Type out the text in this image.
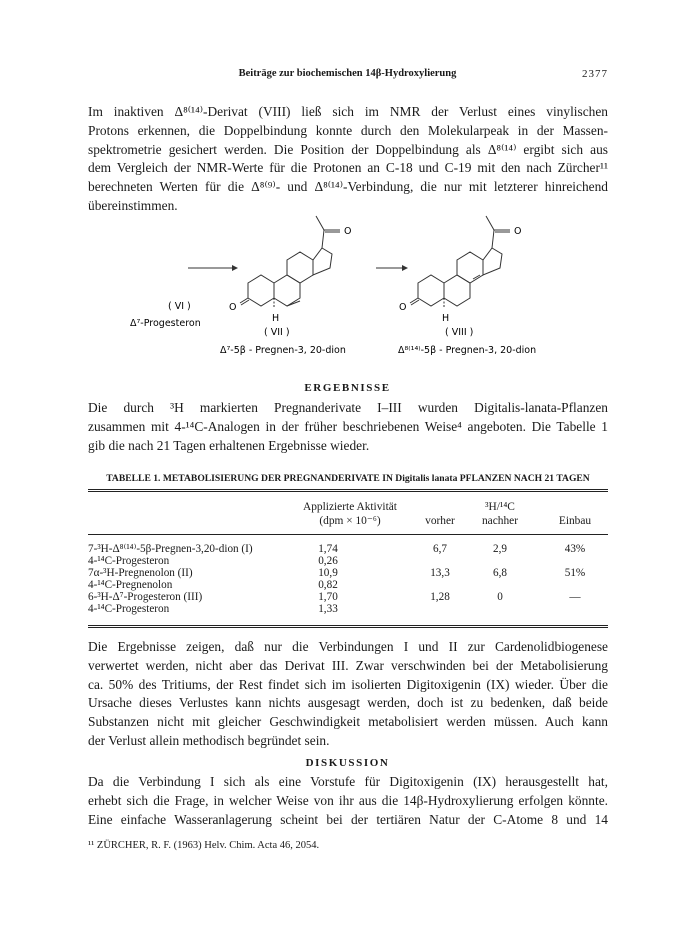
Beiträge zur biochemischen 14β-Hydroxylierung	2377
Im inaktiven Δ⁸⁽¹⁴⁾-Derivat (VIII) ließ sich im NMR der Verlust eines vinylischen
Protons erkennen, die Doppelbindung konnte durch den Molekularpeak in der Massen-
spektrometrie gesichert werden. Die Position der Doppelbindung als Δ⁸⁽¹⁴⁾ ergibt sich aus
dem Vergleich der NMR-Werte für die Protonen an C-18 und C-19 mit den nach Zürcher¹¹
berechneten Werten für die Δ⁸⁽⁹⁾- und Δ⁸⁽¹⁴⁾-Verbindung, die nur mit letzterer hinreichend
übereinstimmen.
O
O
H
O
O
H
( VI )
Δ⁷-Progesteron
( VII )
Δ⁷-5β - Pregnen-3, 20-dion
( VIII )
Δ⁸⁽¹⁴⁾-5β - Pregnen-3, 20-dion
ERGEBNISSE
Die durch ³H markierten Pregnanderivate I–III wurden Digitalis-lanata-Pflanzen
zusammen mit 4-¹⁴C-Analogen in der früher beschriebenen Weise⁴ angeboten. Die Tabelle 1
gib die nach 21 Tagen erhaltenen Ergebnisse wieder.
TABELLE 1. METABOLISIERUNG DER PREGNANDERIVATE IN Digitalis lanata PFLANZEN NACH 21 TAGEN
Applizierte Aktivität
(dpm × 10⁻⁶)
³H/¹⁴C
vorher	nachher	Einbau
7-³H-Δ⁸⁽¹⁴⁾-5β-Pregnen-3,20-dion (I)	1,74	6,7	2,9	43%
4-¹⁴C-Progesteron	0,26
7α-³H-Pregnenolon (II)	10,9	13,3	6,8	51%
4-¹⁴C-Pregnenolon	0,82
6-³H-Δ⁷-Progesteron (III)	1,70	1,28	0	—
4-¹⁴C-Progesteron	1,33
Die Ergebnisse zeigen, daß nur die Verbindungen I und II zur Cardenolidbiogenese
verwertet werden, nicht aber das Derivat III. Zwar verschwinden bei der Metabolisierung
ca. 50% des Tritiums, der Rest findet sich im isolierten Digitoxigenin (IX) wieder. Über die
Ursache dieses Verlustes kann nichts ausgesagt werden, doch ist zu bedenken, daß beide
Substanzen nicht mit gleicher Geschwindigkeit metabolisiert werden müssen. Auch kann
der Verlust allein methodisch begründet sein.
DISKUSSION
Da die Verbindung I sich als eine Vorstufe für Digitoxigenin (IX) herausgestellt hat,
erhebt sich die Frage, in welcher Weise von ihr aus die 14β-Hydroxylierung erfolgen könnte.
Eine einfache Wasseranlagerung scheint bei der tertiären Natur der C-Atome 8 und 14
¹¹ ZÜRCHER, R. F. (1963) Helv. Chim. Acta 46, 2054.
